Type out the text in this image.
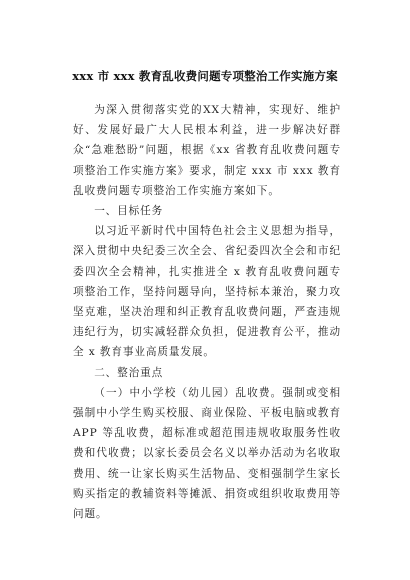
xxx 市 xxx 教育乱收费问题专项整治工作实施方案

为深入贯彻落实党的XX大精神，实现好、维护好、发展好最广大人民根本利益，进一步解决好群众“急难愁盼”问题，根据《xx 省教育乱收费问题专项整治工作实施方案》要求，制定 xxx 市 xxx 教育乱收费问题专项整治工作实施方案如下。

一、目标任务

以习近平新时代中国特色社会主义思想为指导，深入贯彻中央纪委三次全会、省纪委四次全会和市纪委四次全会精神，扎实推进全 x 教育乱收费问题专项整治工作，坚持问题导向，坚持标本兼治，聚力攻坚克难，坚决治理和纠正教育乱收费问题，严查违规违纪行为，切实减轻群众负担，促进教育公平，推动全 x 教育事业高质量发展。

二、整治重点

（一）中小学校（幼儿园）乱收费。强制或变相强制中小学生购买校服、商业保险、平板电脑或教育 APP 等乱收费，超标准或超范围违规收取服务性收费和代收费；以家长委员会名义以举办活动为名收取费用、统一让家长购买生活物品、变相强制学生家长购买指定的教辅资料等摊派、捐资或组织收取费用等问题。
